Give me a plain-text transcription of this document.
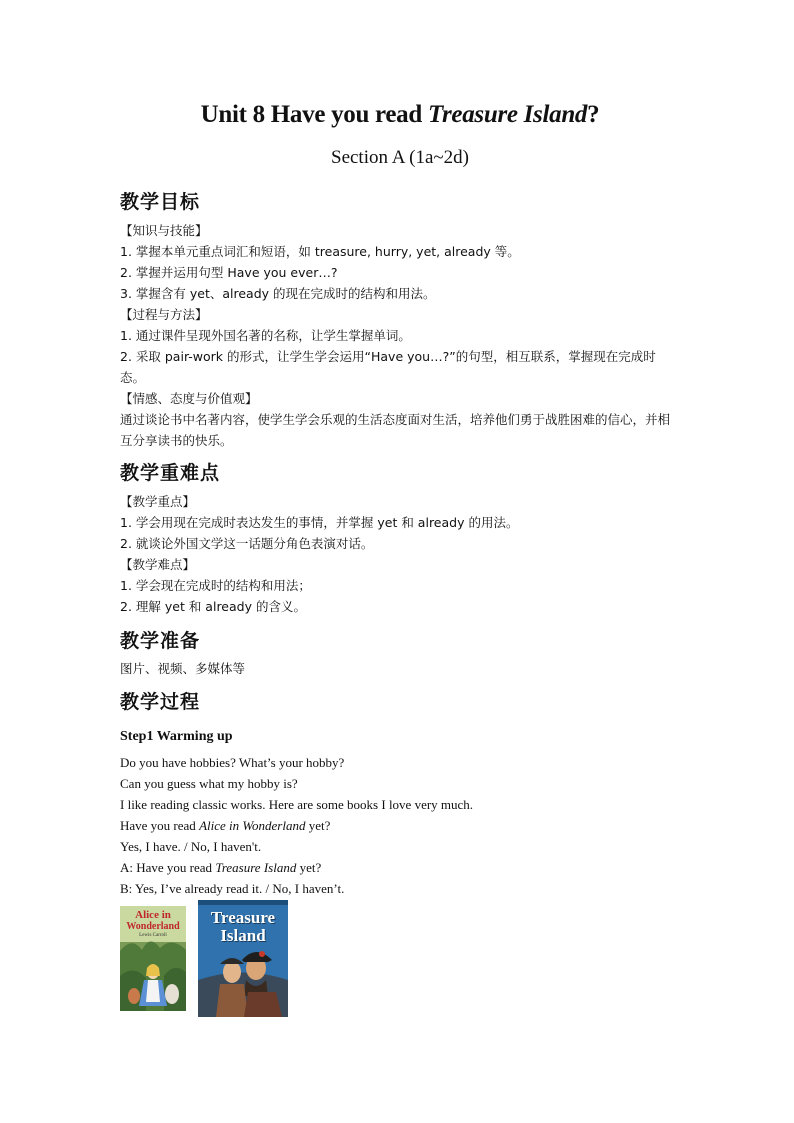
Unit 8 Have you read Treasure Island?
Section A (1a~2d)
教学目标
【知识与技能】
1. 掌握本单元重点词汇和短语，如 treasure, hurry, yet, already 等。
2. 掌握并运用句型 Have you ever…?
3. 掌握含有 yet、already 的现在完成时的结构和用法。
【过程与方法】
1. 通过课件呈现外国名著的名称，让学生掌握单词。
2. 采取 pair-work 的形式，让学生学会运用“Have you…?”的句型，相互联系，掌握现在完成时态。
【情感、态度与价值观】
通过谈论书中名著内容，使学生学会乐观的生活态度面对生活，培养他们勇于战胜困难的信心，并相互分享读书的快乐。
教学重难点
【教学重点】
1. 学会用现在完成时表达发生的事情，并掌握 yet 和 already 的用法。
2. 就谈论外国文学这一话题分角色表演对话。
【教学难点】
1. 学会现在完成时的结构和用法；
2. 理解 yet 和 already 的含义。
教学准备
图片、视频、多媒体等
教学过程
Step1 Warming up
Do you have hobbies? What’s your hobby?
Can you guess what my hobby is?
I like reading classic works. Here are some books I love very much.
Have you read Alice in Wonderland yet?
Yes, I have. / No, I haven't.
A: Have you read Treasure Island yet?
B: Yes, I’ve already read it. / No, I haven’t.
Alice in
Wonderland
Lewis Carroll
Treasure
Island
